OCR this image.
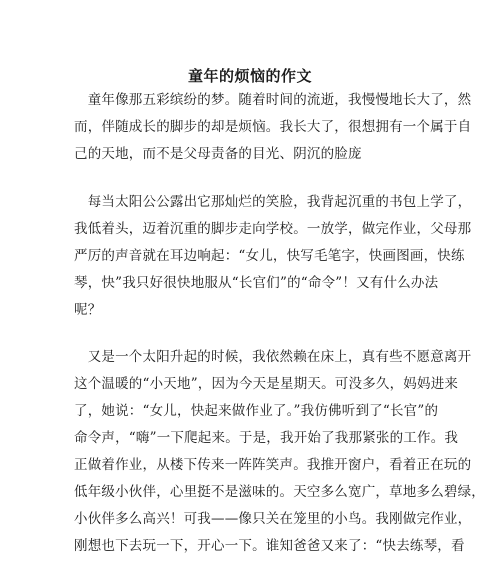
童年的烦恼的作文
　童年像那五彩缤纷的梦。随着时间的流逝，我慢慢地长大了，然
而，伴随成长的脚步的却是烦恼。我长大了，很想拥有一个属于自
己的天地，而不是父母责备的目光、阴沉的脸庞
　每当太阳公公露出它那灿烂的笑脸，我背起沉重的书包上学了，
我低着头，迈着沉重的脚步走向学校。一放学，做完作业，父母那
严厉的声音就在耳边响起：“女儿，快写毛笔字，快画图画，快练
琴，快”我只好很快地服从“长官们”的“命令”！又有什么办法
呢？
　又是一个太阳升起的时候，我依然赖在床上，真有些不愿意离开
这个温暖的“小天地”，因为今天是星期天。可没多久，妈妈进来
了，她说：“女儿，快起来做作业了。”我仿佛听到了“长官”的
命令声，“嗨”一下爬起来。于是，我开始了我那紧张的工作。我
正做着作业，从楼下传来一阵阵笑声。我推开窗户，看着正在玩的
低年级小伙伴，心里挺不是滋味的。天空多么宽广，草地多么碧绿，
小伙伴多么高兴！可我——像只关在笼里的小鸟。我刚做完作业，
刚想也下去玩一下，开心一下。谁知爸爸又来了：“快去练琴，看
